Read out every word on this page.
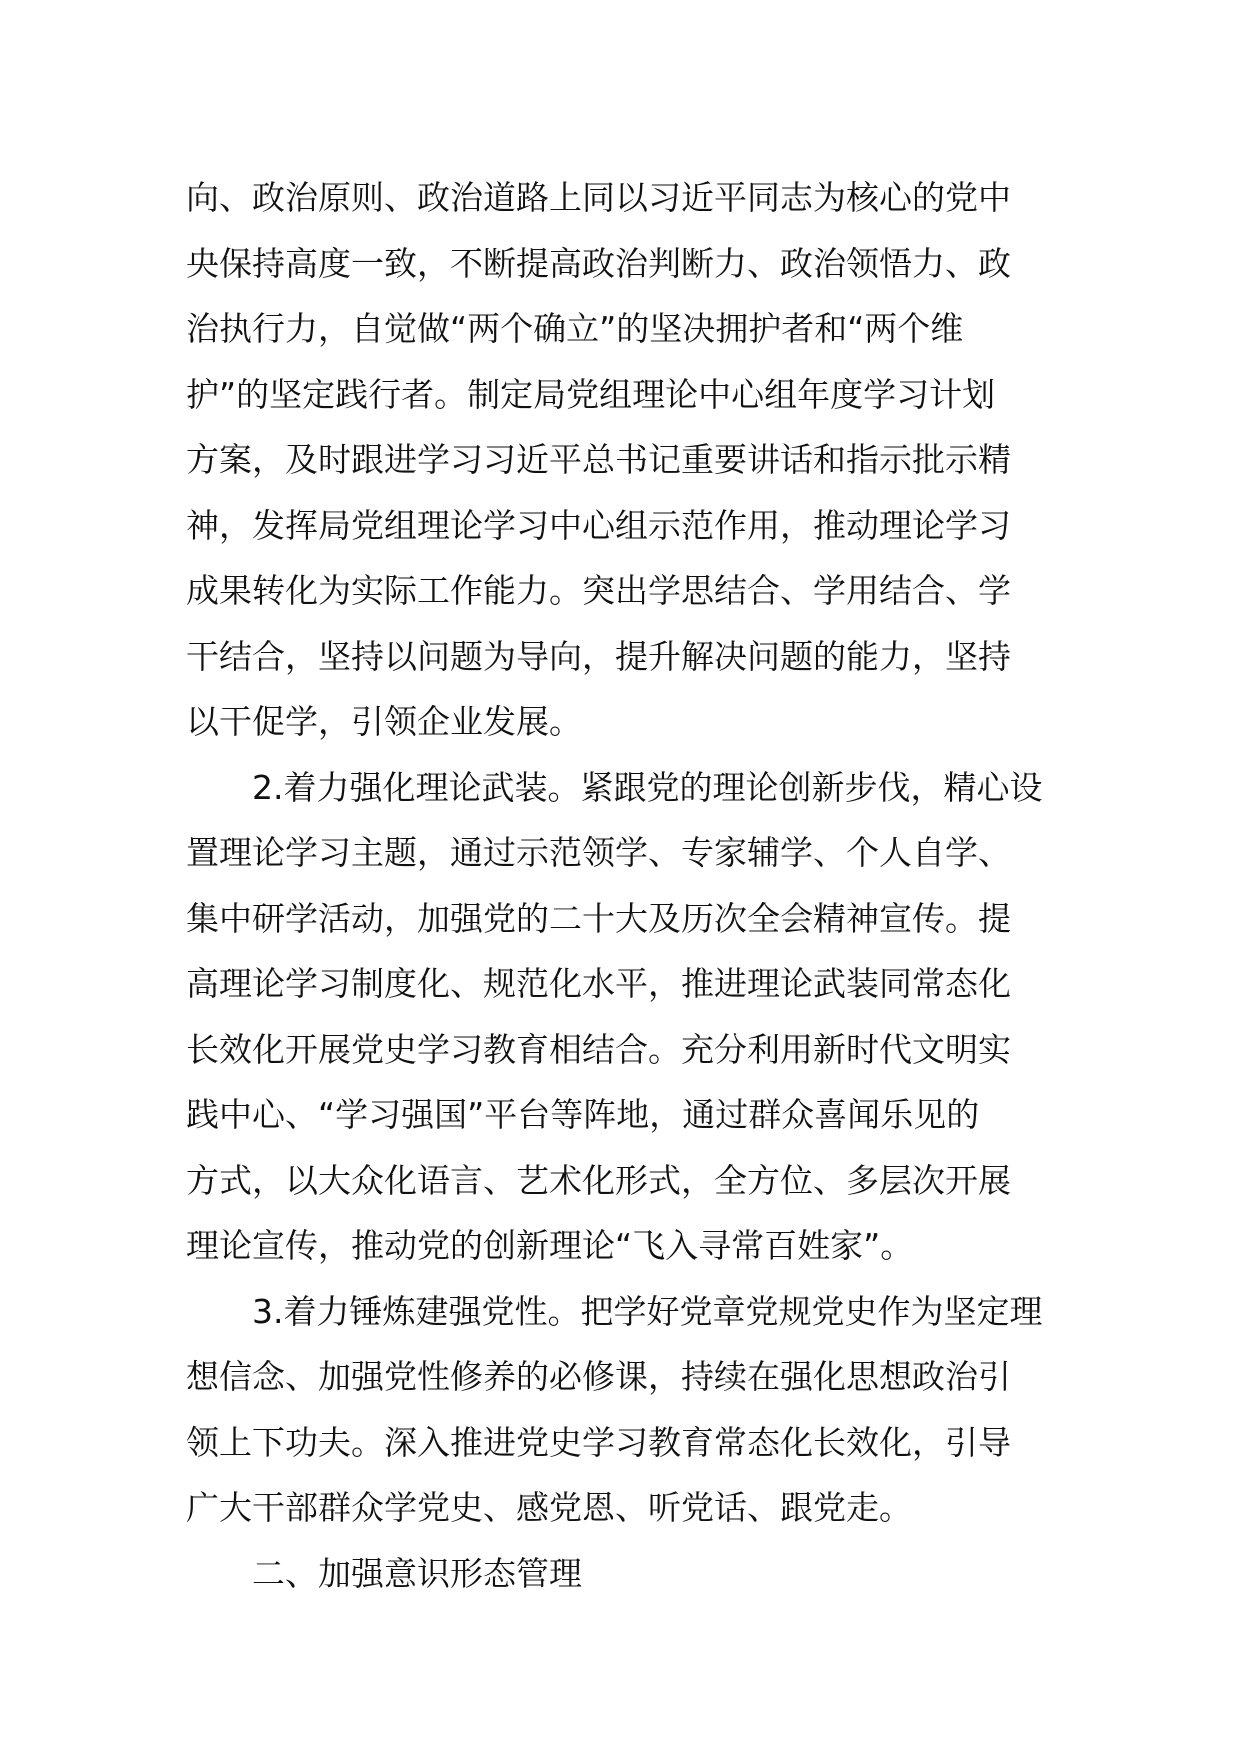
向、政治原则、政治道路上同以习近平同志为核心的党中
央保持高度一致，不断提高政治判断力、政治领悟力、政
治执行力，自觉做“两个确立”的坚决拥护者和“两个维
护”的坚定践行者。制定局党组理论中心组年度学习计划
方案，及时跟进学习习近平总书记重要讲话和指示批示精
神，发挥局党组理论学习中心组示范作用，推动理论学习
成果转化为实际工作能力。突出学思结合、学用结合、学
干结合，坚持以问题为导向，提升解决问题的能力，坚持
以干促学，引领企业发展。
2.着力强化理论武装。紧跟党的理论创新步伐，精心设
置理论学习主题，通过示范领学、专家辅学、个人自学、
集中研学活动，加强党的二十大及历次全会精神宣传。提
高理论学习制度化、规范化水平，推进理论武装同常态化
长效化开展党史学习教育相结合。充分利用新时代文明实
践中心、“学习强国”平台等阵地，通过群众喜闻乐见的
方式，以大众化语言、艺术化形式，全方位、多层次开展
理论宣传，推动党的创新理论“飞入寻常百姓家”。
3.着力锤炼建强党性。把学好党章党规党史作为坚定理
想信念、加强党性修养的必修课，持续在强化思想政治引
领上下功夫。深入推进党史学习教育常态化长效化，引导
广大干部群众学党史、感党恩、听党话、跟党走。
二、加强意识形态管理
